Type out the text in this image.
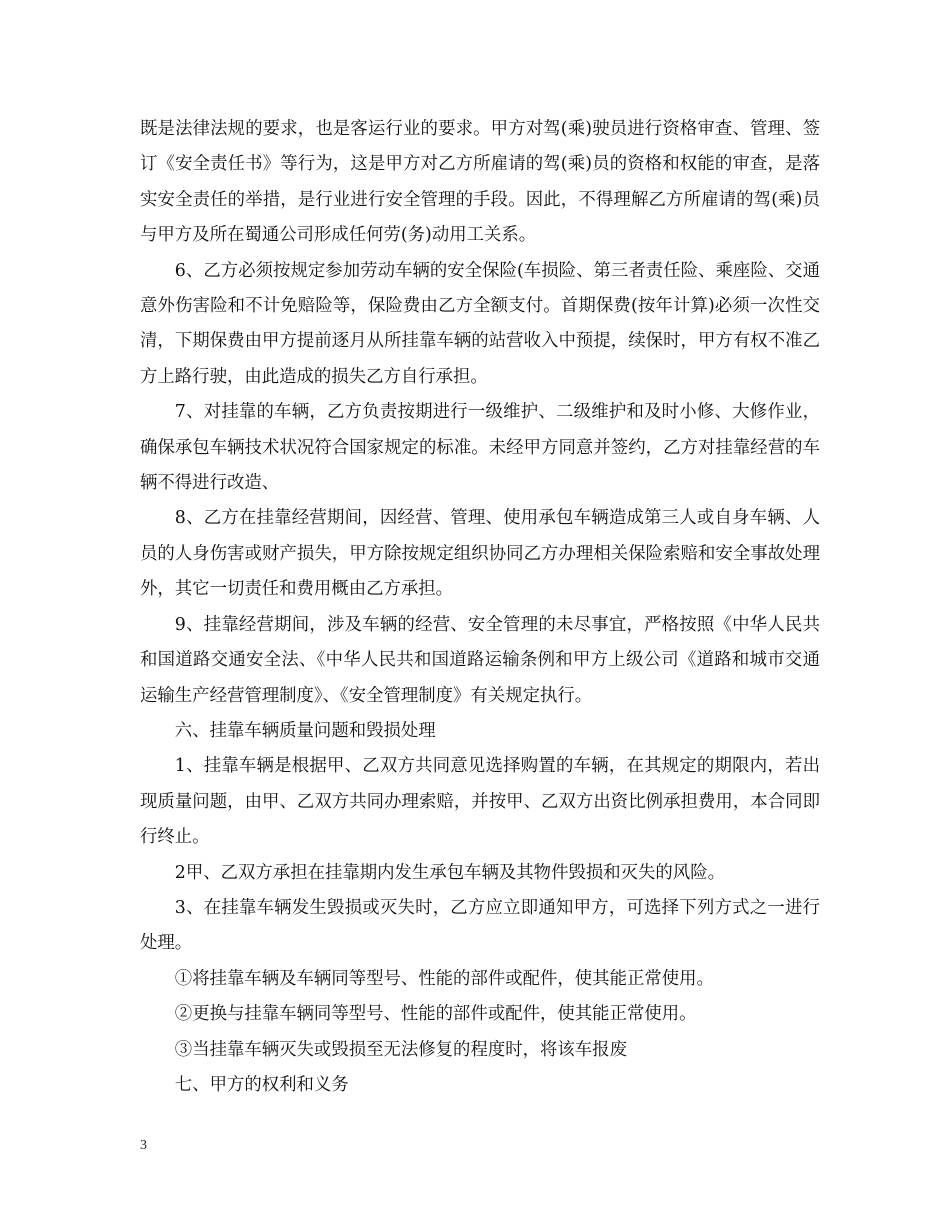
既是法律法规的要求，也是客运行业的要求。甲方对驾(乘)驶员进行资格审查、管理、签订《安全责任书》等行为，这是甲方对乙方所雇请的驾(乘)员的资格和权能的审查，是落实安全责任的举措，是行业进行安全管理的手段。因此，不得理解乙方所雇请的驾(乘)员与甲方及所在蜀通公司形成任何劳(务)动用工关系。

6、乙方必须按规定参加劳动车辆的安全保险(车损险、第三者责任险、乘座险、交通意外伤害险和不计免赔险等，保险费由乙方全额支付。首期保费(按年计算)必须一次性交清，下期保费由甲方提前逐月从所挂靠车辆的站营收入中预提，续保时，甲方有权不准乙方上路行驶，由此造成的损失乙方自行承担。

7、对挂靠的车辆，乙方负责按期进行一级维护、二级维护和及时小修、大修作业，确保承包车辆技术状况符合国家规定的标准。未经甲方同意并签约，乙方对挂靠经营的车辆不得进行改造、

8、乙方在挂靠经营期间，因经营、管理、使用承包车辆造成第三人或自身车辆、人员的人身伤害或财产损失，甲方除按规定组织协同乙方办理相关保险索赔和安全事故处理外，其它一切责任和费用概由乙方承担。

9、挂靠经营期间，涉及车辆的经营、安全管理的未尽事宜，严格按照《中华人民共和国道路交通安全法、《中华人民共和国道路运输条例和甲方上级公司《道路和城市交通运输生产经营管理制度》、《安全管理制度》有关规定执行。

六、挂靠车辆质量问题和毁损处理

1、挂靠车辆是根据甲、乙双方共同意见选择购置的车辆，在其规定的期限内，若出现质量问题，由甲、乙双方共同办理索赔，并按甲、乙双方出资比例承担费用，本合同即行终止。

2甲、乙双方承担在挂靠期内发生承包车辆及其物件毁损和灭失的风险。

3、在挂靠车辆发生毁损或灭失时，乙方应立即通知甲方，可选择下列方式之一进行处理。

①将挂靠车辆及车辆同等型号、性能的部件或配件，使其能正常使用。

②更换与挂靠车辆同等型号、性能的部件或配件，使其能正常使用。

③当挂靠车辆灭失或毁损至无法修复的程度时，将该车报废

七、甲方的权利和义务

3
